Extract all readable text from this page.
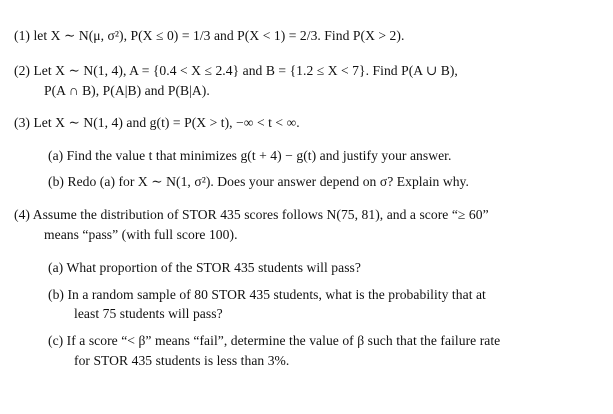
(1) let X ∼ N(μ, σ²), P(X ≤ 0) = 1/3 and P(X < 1) = 2/3. Find P(X > 2).
(2) Let X ∼ N(1, 4), A = {0.4 < X ≤ 2.4} and B = {1.2 ≤ X < 7}. Find P(A ∪ B),
P(A ∩ B), P(A|B) and P(B|A).
(3) Let X ∼ N(1, 4) and g(t) = P(X > t), −∞ < t < ∞.
(a) Find the value t that minimizes g(t + 4) − g(t) and justify your answer.
(b) Redo (a) for X ∼ N(1, σ²). Does your answer depend on σ? Explain why.
(4) Assume the distribution of STOR 435 scores follows N(75, 81), and a score “≥ 60”
means “pass” (with full score 100).
(a) What proportion of the STOR 435 students will pass?
(b) In a random sample of 80 STOR 435 students, what is the probability that at
least 75 students will pass?
(c) If a score “< β” means “fail”, determine the value of β such that the failure rate
for STOR 435 students is less than 3%.
